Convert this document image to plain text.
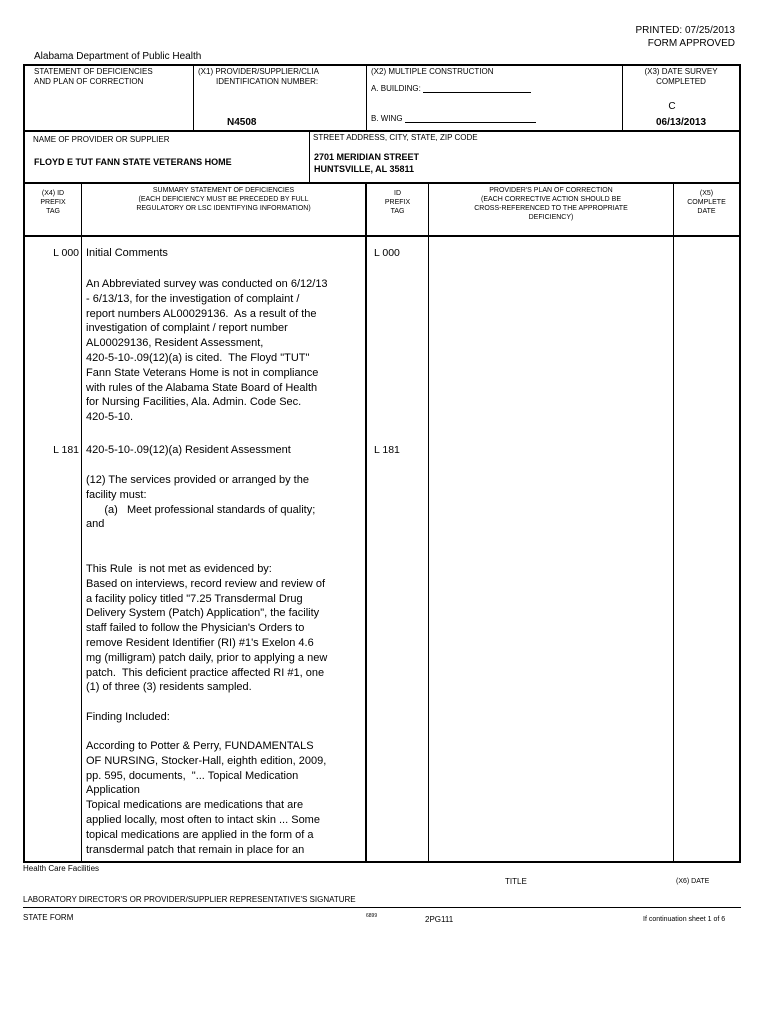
PRINTED: 07/25/2013
FORM APPROVED
Alabama Department of Public Health
STATEMENT OF DEFICIENCIES
AND PLAN OF CORRECTION
(X1) PROVIDER/SUPPLIER/CLIA
IDENTIFICATION NUMBER:
N4508
(X2) MULTIPLE CONSTRUCTION
A. BUILDING:
B. WING
(X3) DATE SURVEY
COMPLETED
C
06/13/2013
NAME OF PROVIDER OR SUPPLIER
FLOYD E TUT FANN STATE VETERANS HOME
STREET ADDRESS, CITY, STATE, ZIP CODE
2701 MERIDIAN STREET
HUNTSVILLE, AL 35811
(X4) ID
PREFIX
TAG
SUMMARY STATEMENT OF DEFICIENCIES
(EACH DEFICIENCY MUST BE PRECEDED BY FULL
REGULATORY OR LSC IDENTIFYING INFORMATION)
ID
PREFIX
TAG
PROVIDER'S PLAN OF CORRECTION
(EACH CORRECTIVE ACTION SHOULD BE
CROSS-REFERENCED TO THE APPROPRIATE
DEFICIENCY)
(X5)
COMPLETE
DATE
L 000 Initial Comments	L 000

An Abbreviated survey was conducted on 6/12/13
- 6/13/13, for the investigation of complaint /
report numbers AL00029136.  As a result of the
investigation of complaint / report number
AL00029136, Resident Assessment,
420-5-10-.09(12)(a) is cited.  The Floyd "TUT"
Fann State Veterans Home is not in compliance
with rules of the Alabama State Board of Health
for Nursing Facilities, Ala. Admin. Code Sec.
420-5-10.

L 181 420-5-10-.09(12)(a) Resident Assessment	L 181

(12) The services provided or arranged by the
facility must:
(a)   Meet professional standards of quality;
and

This Rule  is not met as evidenced by:
Based on interviews, record review and review of
a facility policy titled "7.25 Transdermal Drug
Delivery System (Patch) Application", the facility
staff failed to follow the Physician's Orders to
remove Resident Identifier (RI) #1's Exelon 4.6
mg (milligram) patch daily, prior to applying a new
patch.  This deficient practice affected RI #1, one
(1) of three (3) residents sampled.

Finding Included:

According to Potter & Perry, FUNDAMENTALS
OF NURSING, Stocker-Hall, eighth edition, 2009,
pp. 595, documents,  "... Topical Medication
Application
Topical medications are medications that are
applied locally, most often to intact skin ... Some
topical medications are applied in the form of a
transdermal patch that remain in place for an

Health Care Facilities
TITLE	(X6) DATE
LABORATORY DIRECTOR'S OR PROVIDER/SUPPLIER REPRESENTATIVE'S SIGNATURE
STATE FORM	6899	2PG111	If continuation sheet 1 of 6
